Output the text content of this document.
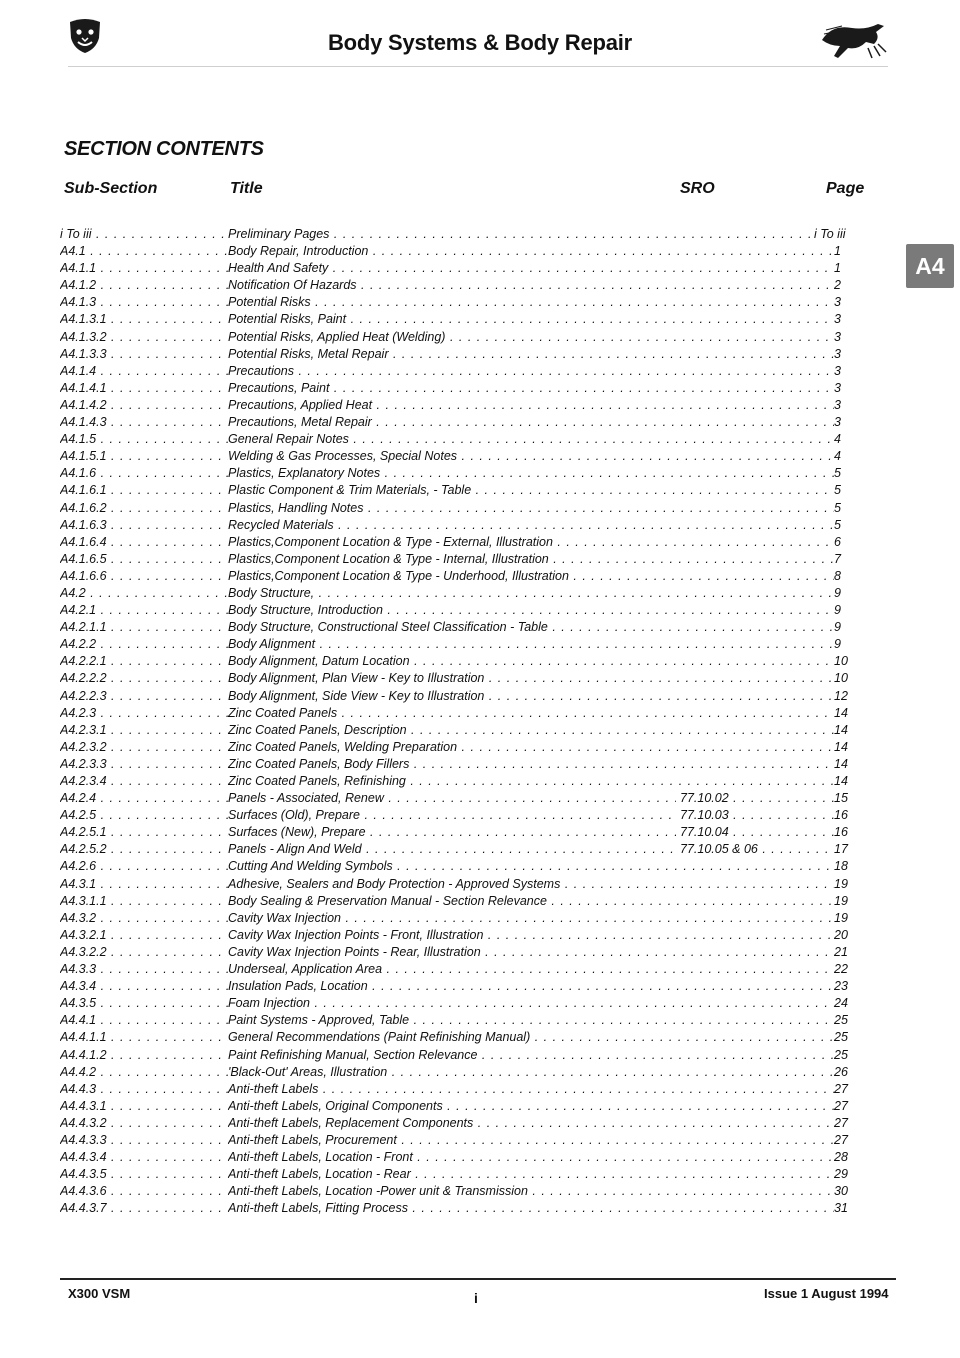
Body Systems & Body Repair
SECTION CONTENTS
Sub-Section	Title	SRO	Page
A4
i To iii . . .	Preliminary Pages . . .	i To iii
A4.1 . . .	Body Repair, Introduction . . .	1
A4.1.1 . . .	Health And Safety . . .	1
A4.1.2 . . .	Notification Of Hazards . . .	2
A4.1.3 . . .	Potential Risks . . .	3
A4.1.3.1 . . .	Potential Risks, Paint . . .	3
A4.1.3.2 . . .	Potential Risks, Applied Heat (Welding) . . .	3
A4.1.3.3 . . .	Potential Risks, Metal Repair . . .	3
A4.1.4 . . .	Precautions . . .	3
A4.1.4.1 . . .	Precautions, Paint . . .	3
A4.1.4.2 . . .	Precautions, Applied Heat . . .	3
A4.1.4.3 . . .	Precautions, Metal Repair . . .	3
A4.1.5 . . .	General Repair Notes . . .	4
A4.1.5.1 . . .	Welding & Gas Processes, Special Notes . . .	4
A4.1.6 . . .	Plastics, Explanatory Notes . . .	5
A4.1.6.1 . . .	Plastic Component & Trim Materials, - Table . . .	5
A4.1.6.2 . . .	Plastics, Handling Notes . . .	5
A4.1.6.3 . . .	Recycled Materials . . .	5
A4.1.6.4 . . .	Plastics,Component Location & Type - External, Illustration . . .	6
A4.1.6.5 . . .	Plastics,Component Location & Type - Internal, Illustration . . .	7
A4.1.6.6 . . .	Plastics,Component Location & Type - Underhood, Illustration . . .	8
A4.2 . . .	Body Structure, . . .	9
A4.2.1 . . .	Body Structure, Introduction . . .	9
A4.2.1.1 . . .	Body Structure, Constructional Steel Classification - Table . . .	9
A4.2.2 . . .	Body Alignment . . .	9
A4.2.2.1 . . .	Body Alignment, Datum Location . . .	10
A4.2.2.2 . . .	Body Alignment, Plan View - Key to Illustration . . .	10
A4.2.2.3 . . .	Body Alignment, Side View - Key to Illustration . . .	12
A4.2.3 . . .	Zinc Coated Panels . . .	14
A4.2.3.1 . . .	Zinc Coated Panels, Description . . .	14
A4.2.3.2 . . .	Zinc Coated Panels, Welding Preparation . . .	14
A4.2.3.3 . . .	Zinc Coated Panels, Body Fillers . . .	14
A4.2.3.4 . . .	Zinc Coated Panels, Refinishing . . .	14
A4.2.4 . . .	Panels - Associated, Renew . . .	77.10.02 . . .	15
A4.2.5 . . .	Surfaces (Old), Prepare . . .	77.10.03 . . .	16
A4.2.5.1 . . .	Surfaces (New), Prepare . . .	77.10.04 . . .	16
A4.2.5.2 . . .	Panels - Align And Weld . . .	77.10.05 & 06 . . .	17
A4.2.6 . . .	Cutting And Welding Symbols . . .	18
A4.3.1 . . .	Adhesive, Sealers and Body Protection - Approved Systems . . .	19
A4.3.1.1 . . .	Body Sealing & Preservation Manual - Section Relevance . . .	19
A4.3.2 . . .	Cavity Wax Injection . . .	19
A4.3.2.1 . . .	Cavity Wax Injection Points - Front, Illustration . . .	20
A4.3.2.2 . . .	Cavity Wax Injection Points - Rear, Illustration . . .	21
A4.3.3 . . .	Underseal, Application Area . . .	22
A4.3.4 . . .	Insulation Pads, Location . . .	23
A4.3.5 . . .	Foam Injection . . .	24
A4.4.1 . . .	Paint Systems - Approved, Table . . .	25
A4.4.1.1 . . .	General Recommendations (Paint Refinishing Manual) . . .	25
A4.4.1.2 . . .	Paint Refinishing Manual, Section Relevance . . .	25
A4.4.2 . . .	'Black-Out' Areas, Illustration . . .	26
A4.4.3 . . .	Anti-theft Labels . . .	27
A4.4.3.1 . . .	Anti-theft Labels, Original Components . . .	27
A4.4.3.2 . . .	Anti-theft Labels, Replacement Components . . .	27
A4.4.3.3 . . .	Anti-theft Labels, Procurement . . .	27
A4.4.3.4 . . .	Anti-theft Labels, Location - Front . . .	28
A4.4.3.5 . . .	Anti-theft Labels, Location - Rear . . .	29
A4.4.3.6 . . .	Anti-theft Labels, Location -Power unit & Transmission . . .	30
A4.4.3.7 . . .	Anti-theft Labels, Fitting Process . . .	31
X300 VSM	i	Issue 1 August 1994
